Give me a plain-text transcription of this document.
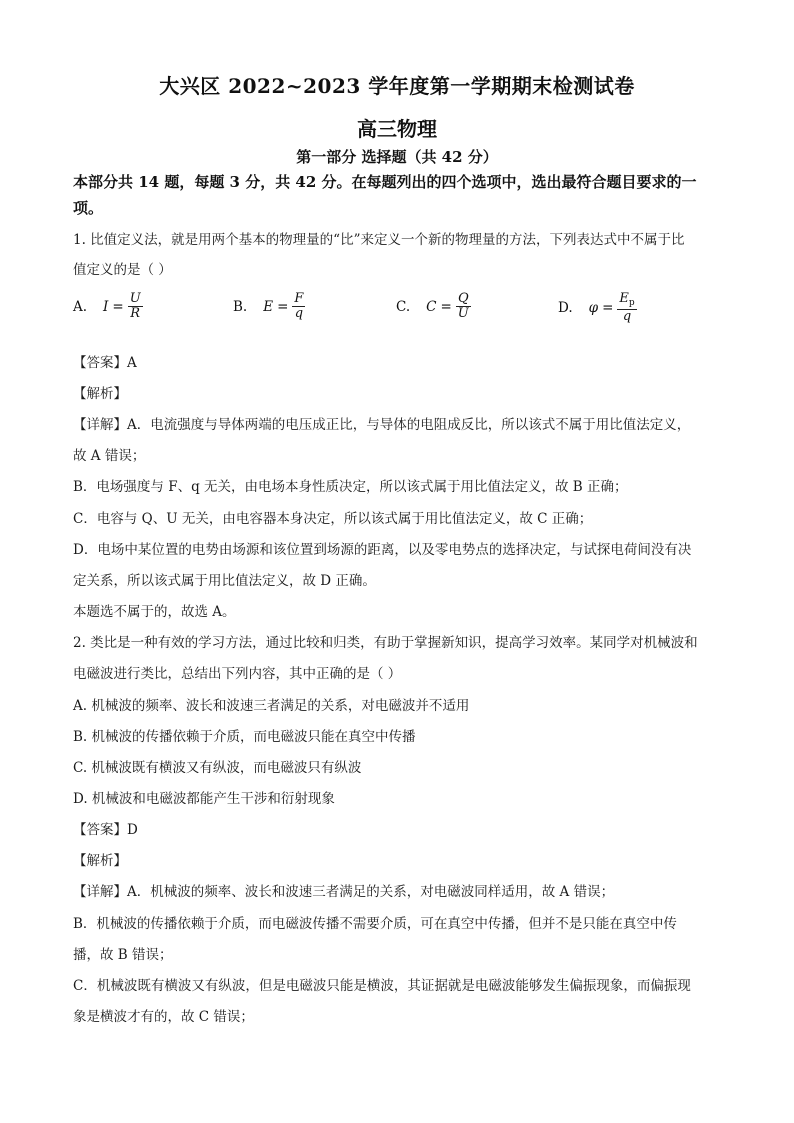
大兴区 2022~2023 学年度第一学期期末检测试卷
高三物理
第一部分 选择题（共 42 分）
本部分共 14 题，每题 3 分，共 42 分。在每题列出的四个选项中，选出最符合题目要求的一
项。
1. 比值定义法，就是用两个基本的物理量的“比”来定义一个新的物理量的方法，下列表达式中不属于比
值定义的是（ ）
A. $I = \frac{U}{R}$	B. $E = \frac{F}{q}$	C. $C = \frac{Q}{U}$	D. $\varphi = \frac{E_p}{q}$
【答案】A
【解析】
【详解】A．电流强度与导体两端的电压成正比，与导体的电阻成反比，所以该式不属于用比值法定义，
故 A 错误；
B．电场强度与 F、q 无关，由电场本身性质决定，所以该式属于用比值法定义，故 B 正确；
C．电容与 Q、U 无关，由电容器本身决定，所以该式属于用比值法定义，故 C 正确；
D．电场中某位置的电势由场源和该位置到场源的距离，以及零电势点的选择决定，与试探电荷间没有决
定关系，所以该式属于用比值法定义，故 D 正确。
本题选不属于的，故选 A。
2. 类比是一种有效的学习方法，通过比较和归类，有助于掌握新知识，提高学习效率。某同学对机械波和
电磁波进行类比，总结出下列内容，其中正确的是（ ）
A. 机械波的频率、波长和波速三者满足的关系，对电磁波并不适用
B. 机械波的传播依赖于介质，而电磁波只能在真空中传播
C. 机械波既有横波又有纵波，而电磁波只有纵波
D. 机械波和电磁波都能产生干涉和衍射现象
【答案】D
【解析】
【详解】A．机械波的频率、波长和波速三者满足的关系，对电磁波同样适用，故 A 错误；
B．机械波的传播依赖于介质，而电磁波传播不需要介质，可在真空中传播，但并不是只能在真空中传
播，故 B 错误；
C．机械波既有横波又有纵波，但是电磁波只能是横波，其证据就是电磁波能够发生偏振现象，而偏振现
象是横波才有的，故 C 错误；
